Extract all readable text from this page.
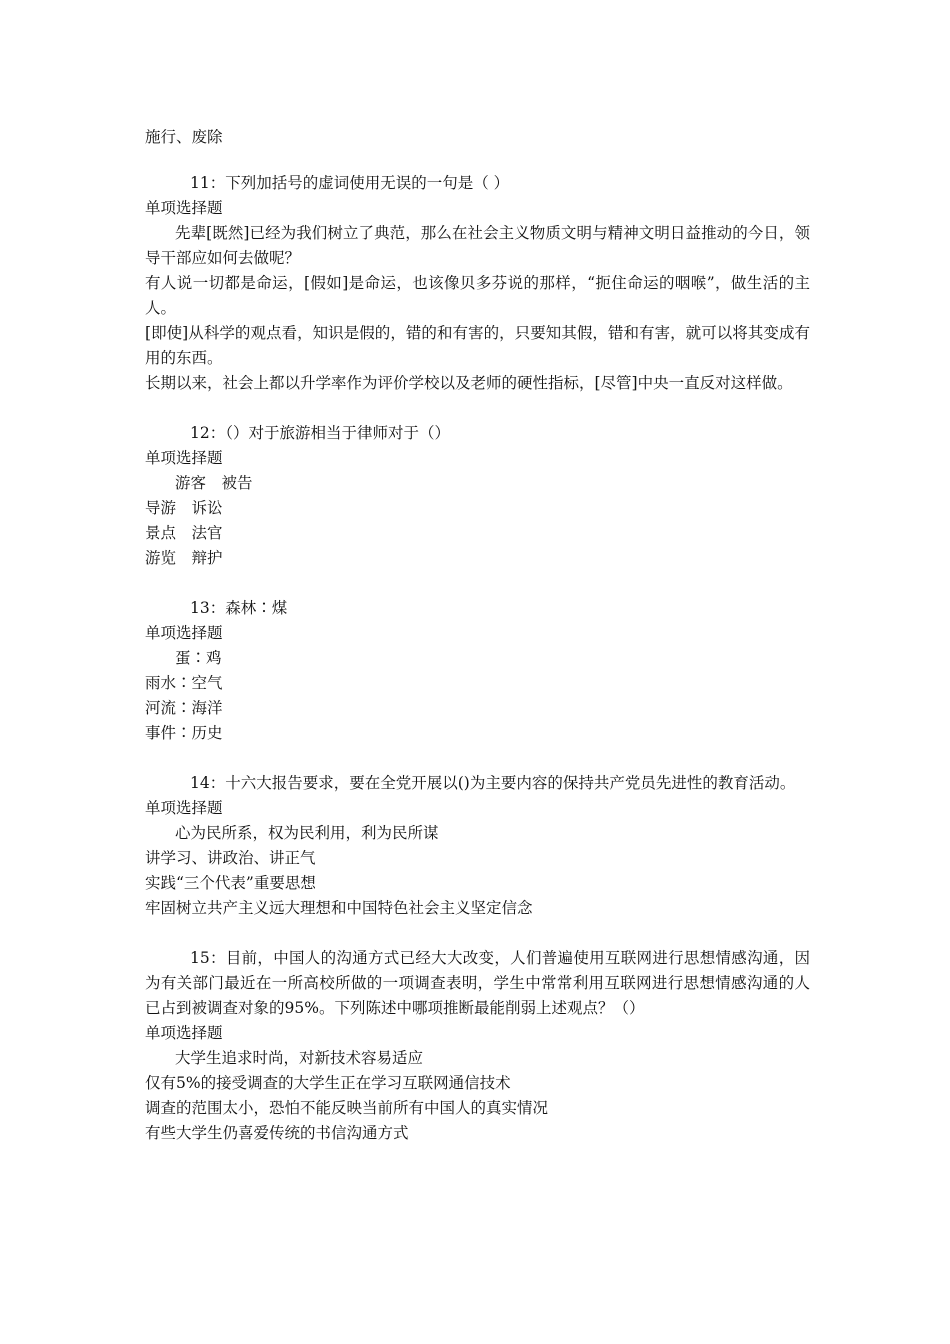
施行、废除

11：下列加括号的虚词使用无误的一句是（ ）

单项选择题

先辈[既然]已经为我们树立了典范，那么在社会主义物质文明与精神文明日益推动的今日，领导干部应如何去做呢？

有人说一切都是命运，[假如]是命运，也该像贝多芬说的那样，“扼住命运的咽喉”，做生活的主人。

[即使]从科学的观点看，知识是假的，错的和有害的，只要知其假，错和有害，就可以将其变成有用的东西。

长期以来，社会上都以升学率作为评价学校以及老师的硬性指标，[尽管]中央一直反对这样做。

12：（）对于旅游相当于律师对于（）

单项选择题

游客　被告

导游　诉讼

景点　法官

游览　辩护

13：森林∶煤

单项选择题

蛋∶鸡

雨水∶空气

河流∶海洋

事件∶历史

14：十六大报告要求，要在全党开展以()为主要内容的保持共产党员先进性的教育活动。

单项选择题

心为民所系，权为民利用，利为民所谋

讲学习、讲政治、讲正气

实践“三个代表”重要思想

牢固树立共产主义远大理想和中国特色社会主义坚定信念

15：目前，中国人的沟通方式已经大大改变，人们普遍使用互联网进行思想情感沟通，因为有关部门最近在一所高校所做的一项调查表明，学生中常常利用互联网进行思想情感沟通的人已占到被调查对象的95%。下列陈述中哪项推断最能削弱上述观点？（）

单项选择题

大学生追求时尚，对新技术容易适应

仅有5%的接受调查的大学生正在学习互联网通信技术

调查的范围太小，恐怕不能反映当前所有中国人的真实情况

有些大学生仍喜爱传统的书信沟通方式
